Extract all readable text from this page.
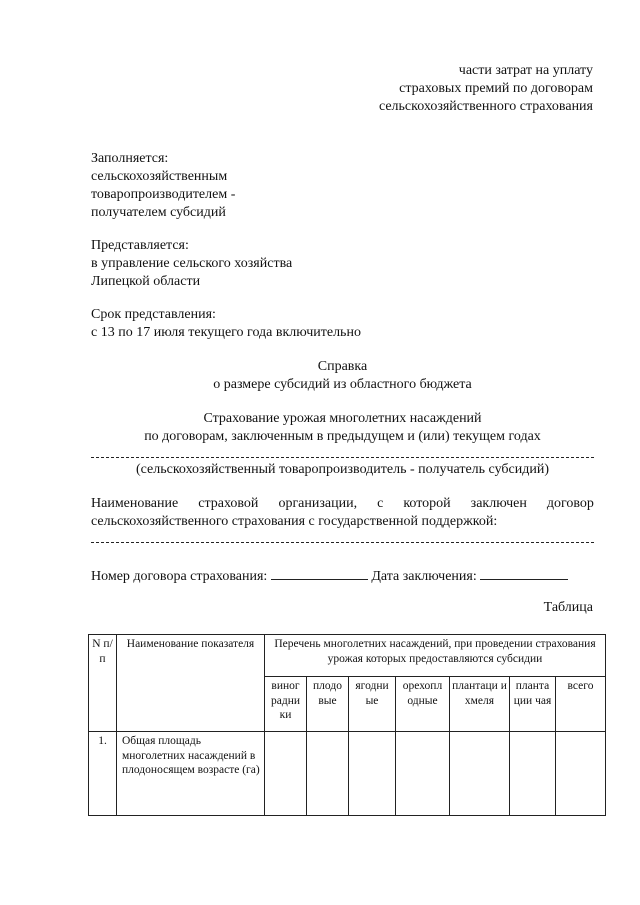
части затрат на уплату
страховых премий по договорам
сельскохозяйственного страхования
Заполняется:
сельскохозяйственным
товаропроизводителем -
получателем субсидий
Представляется:
в управление сельского хозяйства
Липецкой области
Срок представления:
с 13 по 17 июля текущего года включительно
Справка
о размере субсидий из областного бюджета
Страхование урожая многолетних насаждений
по договорам, заключенным в предыдущем и (или) текущем годах
(сельскохозяйственный товаропроизводитель - получатель субсидий)
Наименование страховой организации, с которой заключен договор
сельскохозяйственного страхования с государственной поддержкой:
Номер договора страхования:	Дата заключения:
Таблица
N п/п	Наименование показателя	Перечень многолетних насаждений, при проведении страхования урожая которых предоставляются субсидии						
		виног радни ки	плодо вые	ягодни ые	орехопл одные	плантаци и хмеля	планта ции чая	всего
1.	Общая площадь многолетних насаждений в плодоносящем возрасте (га)							
